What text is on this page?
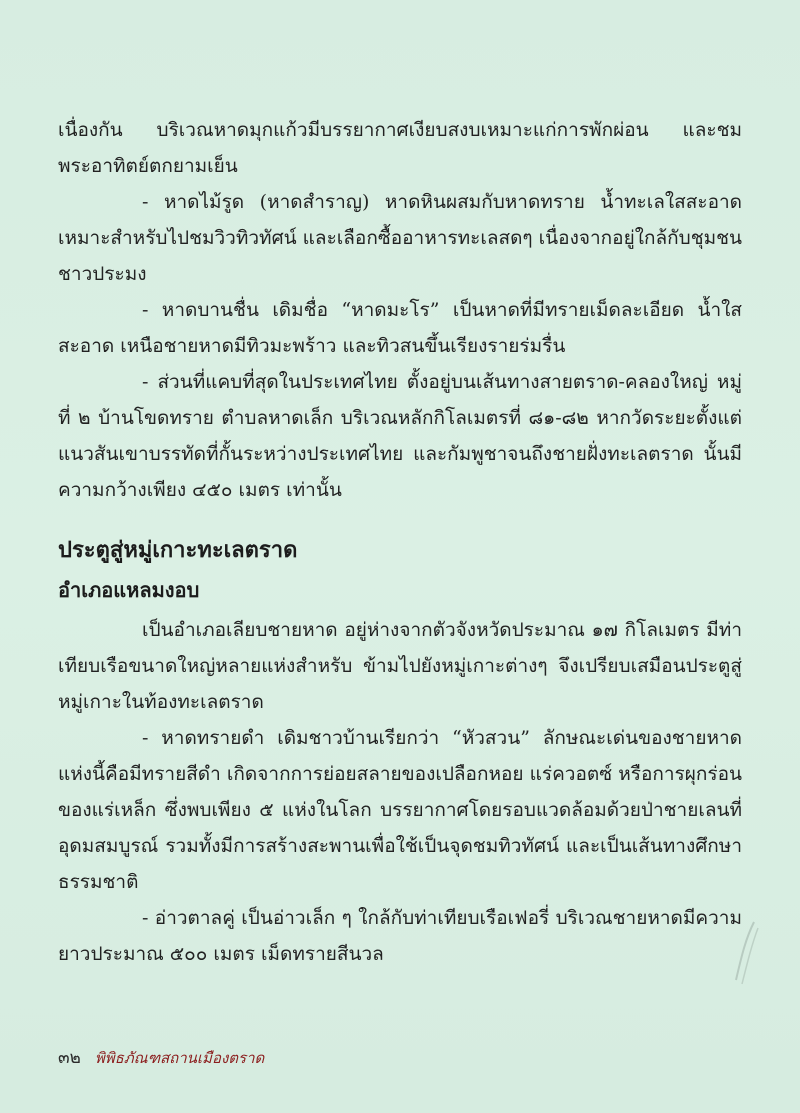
เนื่องกัน บริเวณหาดมุกแก้วมีบรรยากาศเงียบสงบเหมาะแก่การพักผ่อน และชมพระอาทิตย์ตกยามเย็น

- หาดไม้รูด (หาดสำราญ) หาดหินผสมกับหาดทราย น้ำทะเลใสสะอาด เหมาะสำหรับไปชมวิวทิวทัศน์ และเลือกซื้ออาหารทะเลสดๆ เนื่องจากอยู่ใกล้กับชุมชนชาวประมง

- หาดบานชื่น เดิมชื่อ “หาดมะโร” เป็นหาดที่มีทรายเม็ดละเอียด น้ำใสสะอาด เหนือชายหาดมีทิวมะพร้าว และทิวสนขึ้นเรียงรายร่มรื่น

- ส่วนที่แคบที่สุดในประเทศไทย ตั้งอยู่บนเส้นทางสายตราด-คลองใหญ่ หมู่ที่ ๒ บ้านโขดทราย ตำบลหาดเล็ก บริเวณหลักกิโลเมตรที่ ๘๑-๘๒ หากวัดระยะตั้งแต่แนวสันเขาบรรทัดที่กั้นระหว่างประเทศไทย และกัมพูชาจนถึงชายฝั่งทะเลตราด นั้นมีความกว้างเพียง ๔๕๐ เมตร เท่านั้น

ประตูสู่หมู่เกาะทะเลตราด
อำเภอแหลมงอบ

เป็นอำเภอเลียบชายหาด อยู่ห่างจากตัวจังหวัดประมาณ ๑๗ กิโลเมตร มีท่าเทียบเรือขนาดใหญ่หลายแห่งสำหรับ ข้ามไปยังหมู่เกาะต่างๆ จึงเปรียบเสมือนประตูสู่หมู่เกาะในท้องทะเลตราด

- หาดทรายดำ เดิมชาวบ้านเรียกว่า “หัวสวน” ลักษณะเด่นของชายหาดแห่งนี้คือมีทรายสีดำ เกิดจากการย่อยสลายของเปลือกหอย แร่ควอตซ์ หรือการผุกร่อนของแร่เหล็ก ซึ่งพบเพียง ๕ แห่งในโลก บรรยากาศโดยรอบแวดล้อมด้วยป่าชายเลนที่อุดมสมบูรณ์ รวมทั้งมีการสร้างสะพานเพื่อใช้เป็นจุดชมทิวทัศน์ และเป็นเส้นทางศึกษาธรรมชาติ

- อ่าวตาลคู่ เป็นอ่าวเล็ก ๆ ใกล้กับท่าเทียบเรือเฟอรี่ บริเวณชายหาดมีความยาวประมาณ ๕๐๐ เมตร เม็ดทรายสีนวล

๓๒ พิพิธภัณฑสถานเมืองตราด
